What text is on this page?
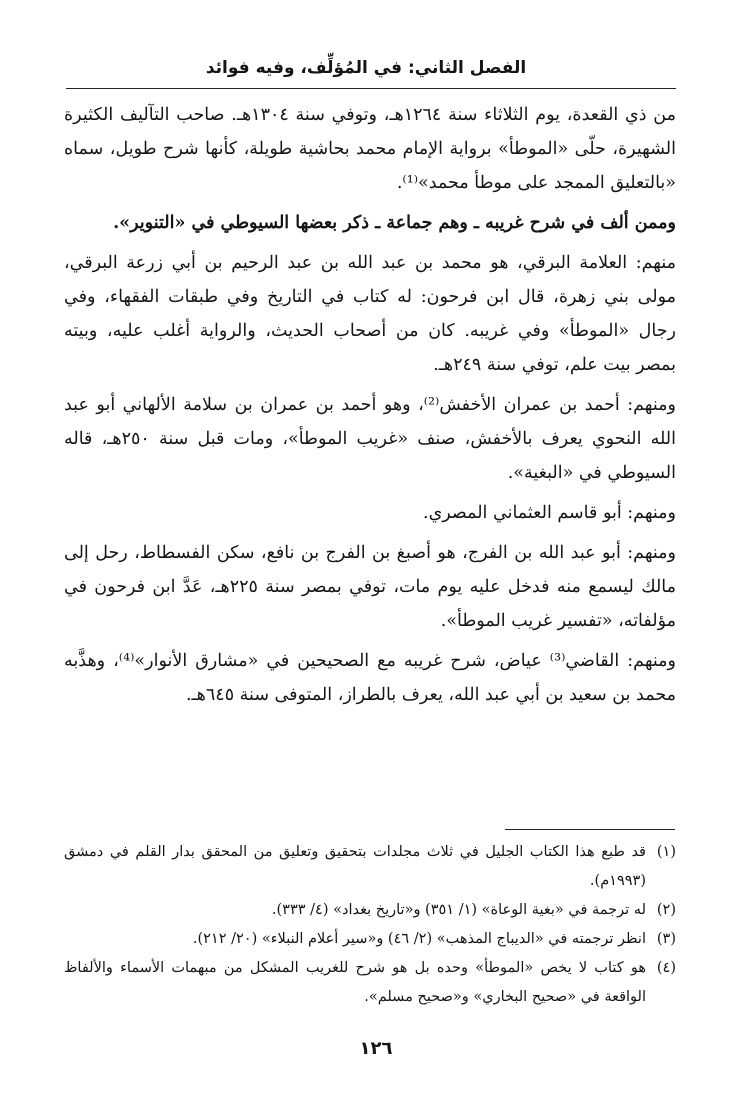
الفصل الثاني: في المُؤلِّف، وفيه فوائد

من ذي القعدة، يوم الثلاثاء سنة ١٢٦٤هـ، وتوفي سنة ١٣٠٤هـ. صاحب التآليف الكثيرة الشهيرة، حلّى «الموطأ» برواية الإمام محمد بحاشية طويلة، كأنها شرح طويل، سماه «بالتعليق الممجد على موطأ محمد»⁽¹⁾.

وممن ألف في شرح غريبه ـ وهم جماعة ـ ذكر بعضها السيوطي في «التنوير».

منهم: العلامة البرقي، هو محمد بن عبد الله بن عبد الرحيم بن أبي زرعة البرقي، مولى بني زهرة، قال ابن فرحون: له كتاب في التاريخ وفي طبقات الفقهاء، وفي رجال «الموطأ» وفي غريبه. كان من أصحاب الحديث، والرواية أغلب عليه، وبيته بمصر بيت علم، توفي سنة ٢٤٩هـ.

ومنهم: أحمد بن عمران الأخفش⁽²⁾، وهو أحمد بن عمران بن سلامة الألهاني أبو عبد الله النحوي يعرف بالأخفش، صنف «غريب الموطأ»، ومات قبل سنة ٢٥٠هـ، قاله السيوطي في «البغية».

ومنهم: أبو قاسم العثماني المصري.

ومنهم: أبو عبد الله بن الفرج، هو أصبغ بن الفرج بن نافع، سكن الفسطاط، رحل إلى مالك ليسمع منه فدخل عليه يوم مات، توفي بمصر سنة ٢٢٥هـ، عَدَّ ابن فرحون في مؤلفاته، «تفسير غريب الموطأ».

ومنهم: القاضي⁽³⁾ عياض، شرح غريبه مع الصحيحين في «مشارق الأنوار»⁽⁴⁾، وهذَّبه محمد بن سعيد بن أبي عبد الله، يعرف بالطراز، المتوفى سنة ٦٤٥هـ.

(١)
قد طبع هذا الكتاب الجليل في ثلاث مجلدات بتحقيق وتعليق من المحقق بدار القلم في دمشق (١٩٩٣م).
(٢)
له ترجمة في «بغية الوعاة» (١/ ٣٥١) و«تاريخ بغداد» (٤/ ٣٣٣).
(٣)
انظر ترجمته في «الديباج المذهب» (٢/ ٤٦) و«سير أعلام النبلاء» (٢٠/ ٢١٢).
(٤)
هو كتاب لا يخص «الموطأ» وحده بل هو شرح للغريب المشكل من مبهمات الأسماء والألفاظ الواقعة في «صحيح البخاري» و«صحيح مسلم».
١٢٦
